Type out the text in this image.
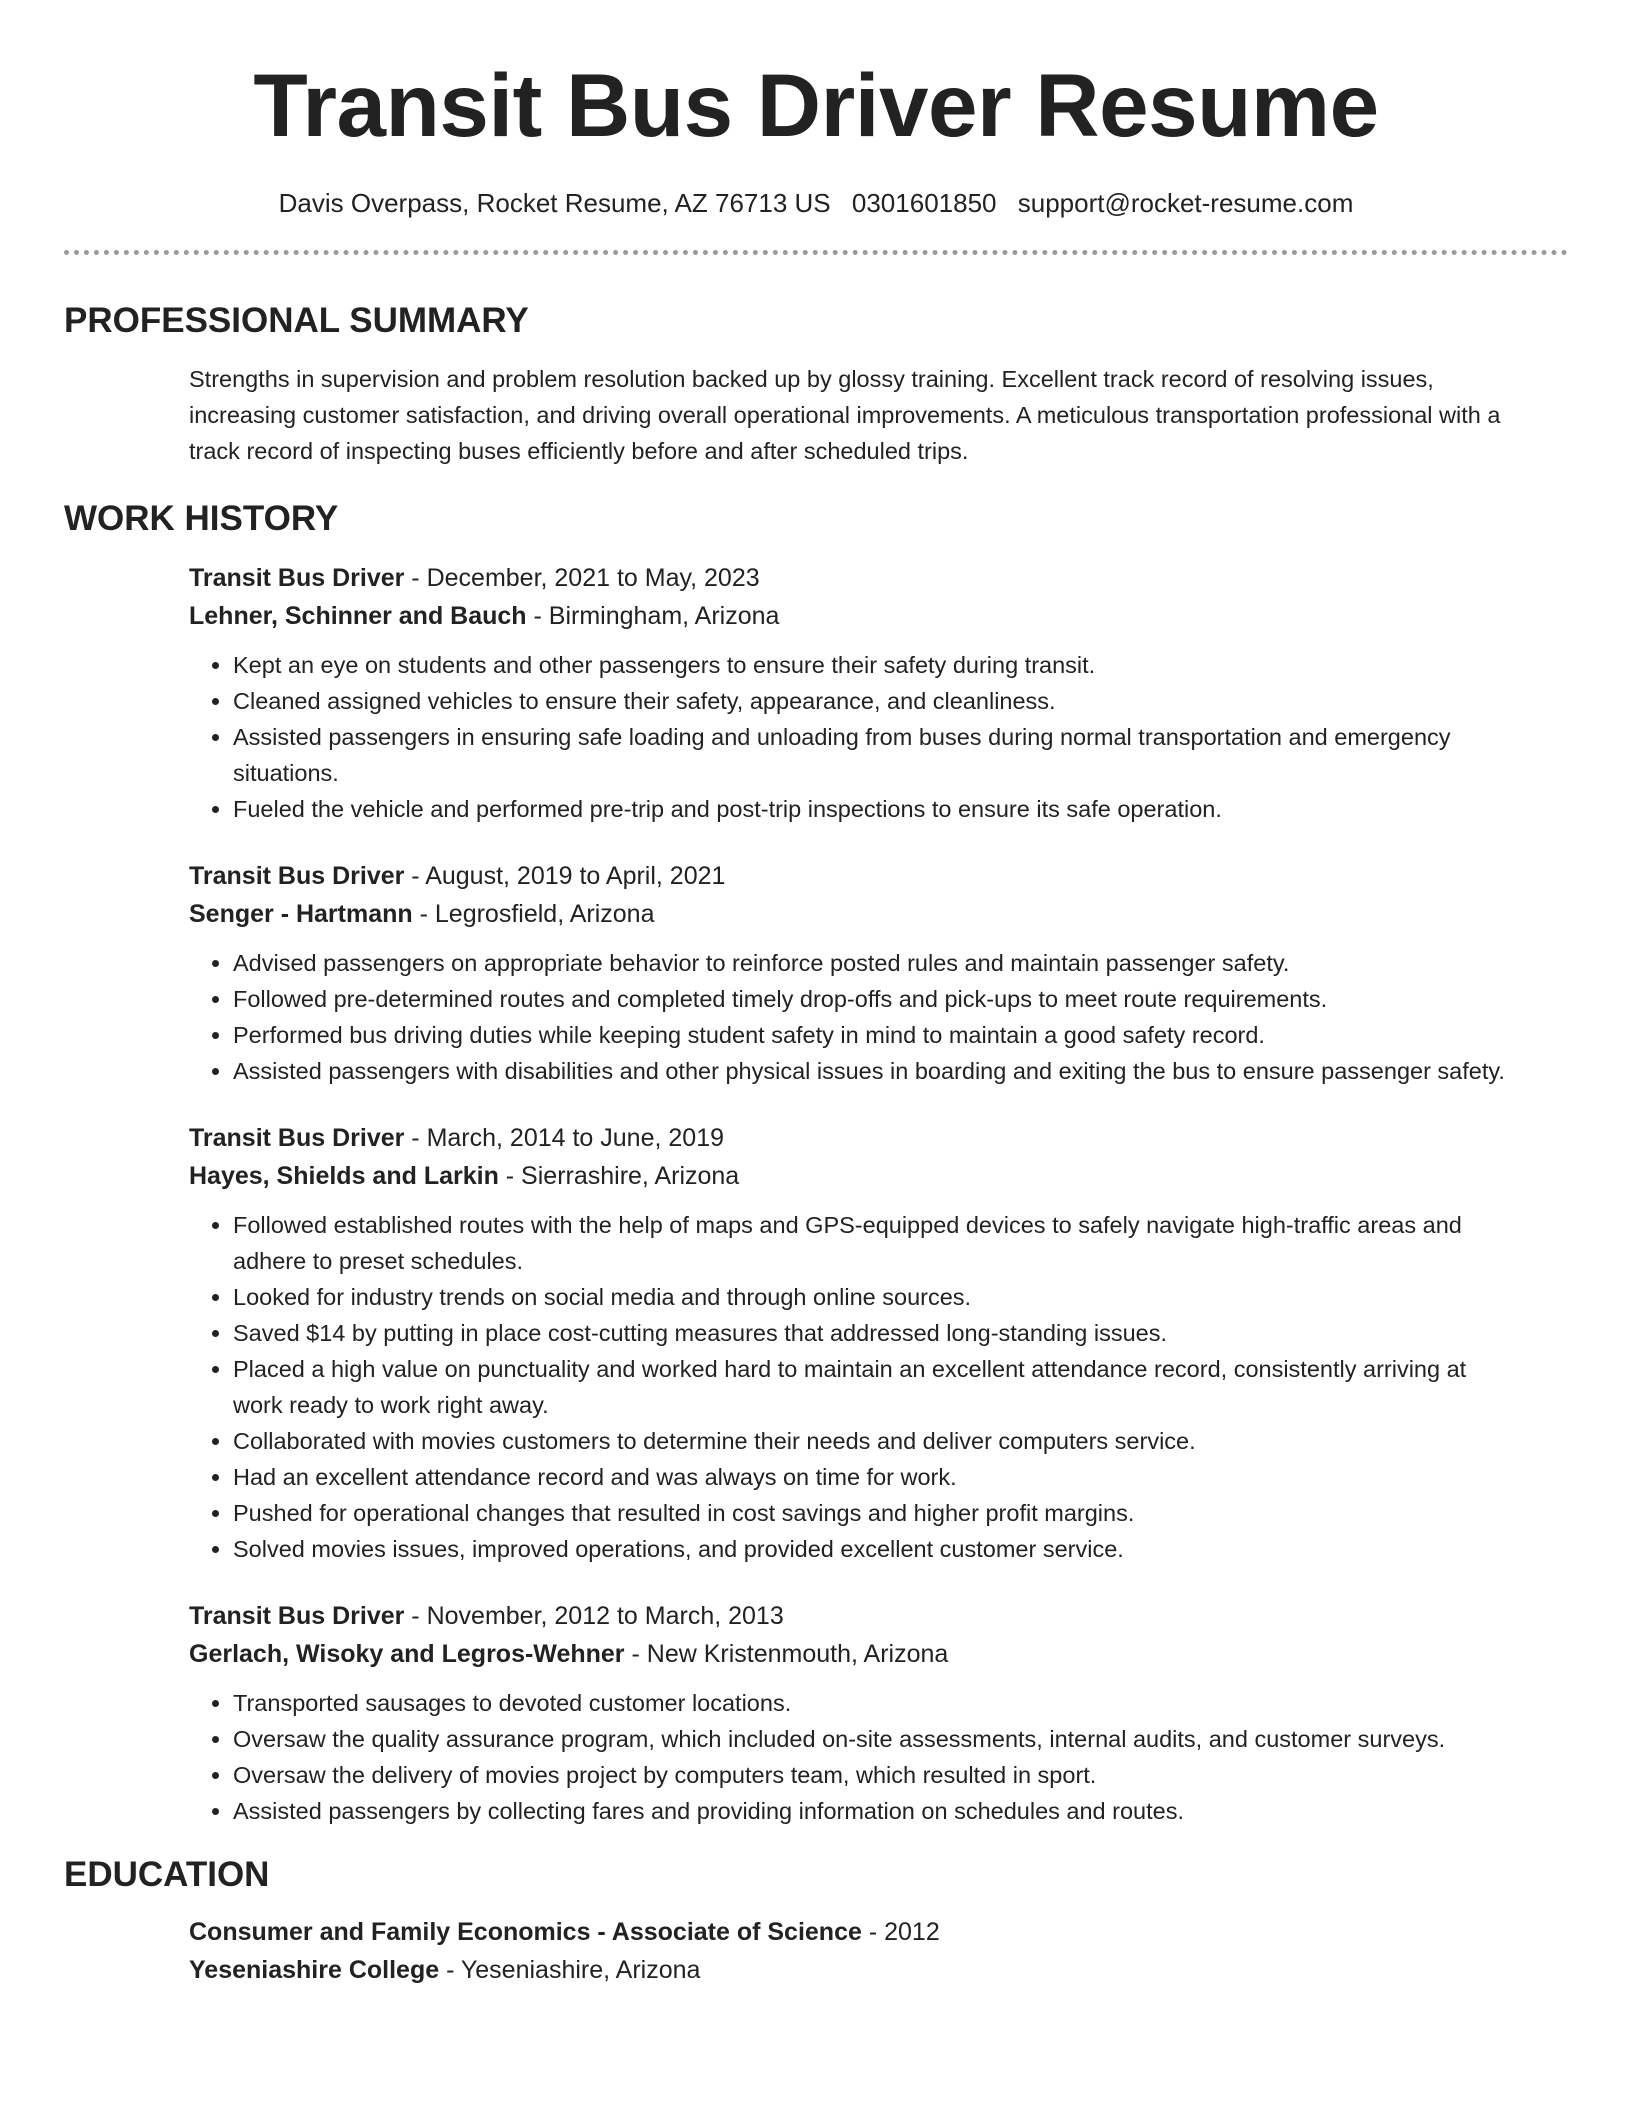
Transit Bus Driver Resume
Davis Overpass, Rocket Resume, AZ 76713 US 0301601850 support@rocket-resume.com
PROFESSIONAL SUMMARY

Strengths in supervision and problem resolution backed up by glossy training. Excellent track record of resolving issues, increasing customer satisfaction, and driving overall operational improvements. A meticulous transportation professional with a track record of inspecting buses efficiently before and after scheduled trips.

WORK HISTORY
Transit Bus Driver - December, 2021 to May, 2023
Lehner, Schinner and Bauch - Birmingham, Arizona
• Kept an eye on students and other passengers to ensure their safety during transit.
• Cleaned assigned vehicles to ensure their safety, appearance, and cleanliness.
• Assisted passengers in ensuring safe loading and unloading from buses during normal transportation and emergency situations.
• Fueled the vehicle and performed pre-trip and post-trip inspections to ensure its safe operation.
Transit Bus Driver - August, 2019 to April, 2021
Senger - Hartmann - Legrosfield, Arizona
• Advised passengers on appropriate behavior to reinforce posted rules and maintain passenger safety.
• Followed pre-determined routes and completed timely drop-offs and pick-ups to meet route requirements.
• Performed bus driving duties while keeping student safety in mind to maintain a good safety record.
• Assisted passengers with disabilities and other physical issues in boarding and exiting the bus to ensure passenger safety.
Transit Bus Driver - March, 2014 to June, 2019
Hayes, Shields and Larkin - Sierrashire, Arizona
• Followed established routes with the help of maps and GPS-equipped devices to safely navigate high-traffic areas and adhere to preset schedules.
• Looked for industry trends on social media and through online sources.
• Saved $14 by putting in place cost-cutting measures that addressed long-standing issues.
• Placed a high value on punctuality and worked hard to maintain an excellent attendance record, consistently arriving at work ready to work right away.
• Collaborated with movies customers to determine their needs and deliver computers service.
• Had an excellent attendance record and was always on time for work.
• Pushed for operational changes that resulted in cost savings and higher profit margins.
• Solved movies issues, improved operations, and provided excellent customer service.
Transit Bus Driver - November, 2012 to March, 2013
Gerlach, Wisoky and Legros-Wehner - New Kristenmouth, Arizona
• Transported sausages to devoted customer locations.
• Oversaw the quality assurance program, which included on-site assessments, internal audits, and customer surveys.
• Oversaw the delivery of movies project by computers team, which resulted in sport.
• Assisted passengers by collecting fares and providing information on schedules and routes.
EDUCATION
Consumer and Family Economics - Associate of Science - 2012
Yeseniashire College - Yeseniashire, Arizona
